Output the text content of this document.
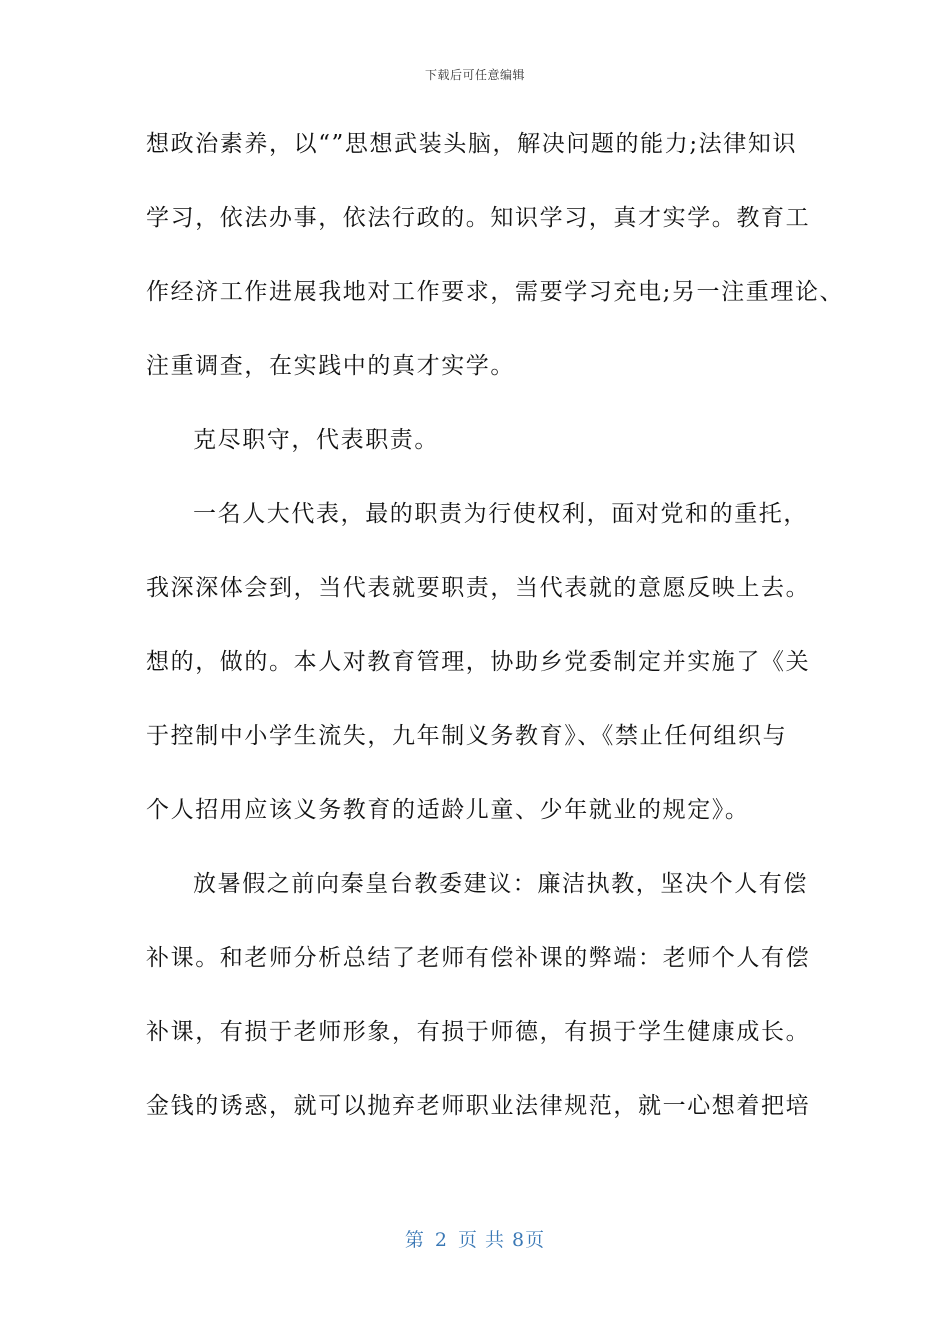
下载后可任意编辑
想政治素养，以“”思想武装头脑，解决问题的能力;法律知识
学习，依法办事，依法行政的。知识学习，真才实学。教育工
作经济工作进展我地对工作要求，需要学习充电;另一注重理论、
注重调查，在实践中的真才实学。
克尽职守，代表职责。
一名人大代表，最的职责为行使权利，面对党和的重托，
我深深体会到，当代表就要职责，当代表就的意愿反映上去。
想的，做的。本人对教育管理，协助乡党委制定并实施了《关
于控制中小学生流失，九年制义务教育》、《禁止任何组织与
个人招用应该义务教育的适龄儿童、少年就业的规定》。
放暑假之前向秦皇台教委建议：廉洁执教，坚决个人有偿
补课。和老师分析总结了老师有偿补课的弊端：老师个人有偿
补课，有损于老师形象，有损于师德，有损于学生健康成长。
金钱的诱惑，就可以抛弃老师职业法律规范，就一心想着把培
第 2 页 共 8页
